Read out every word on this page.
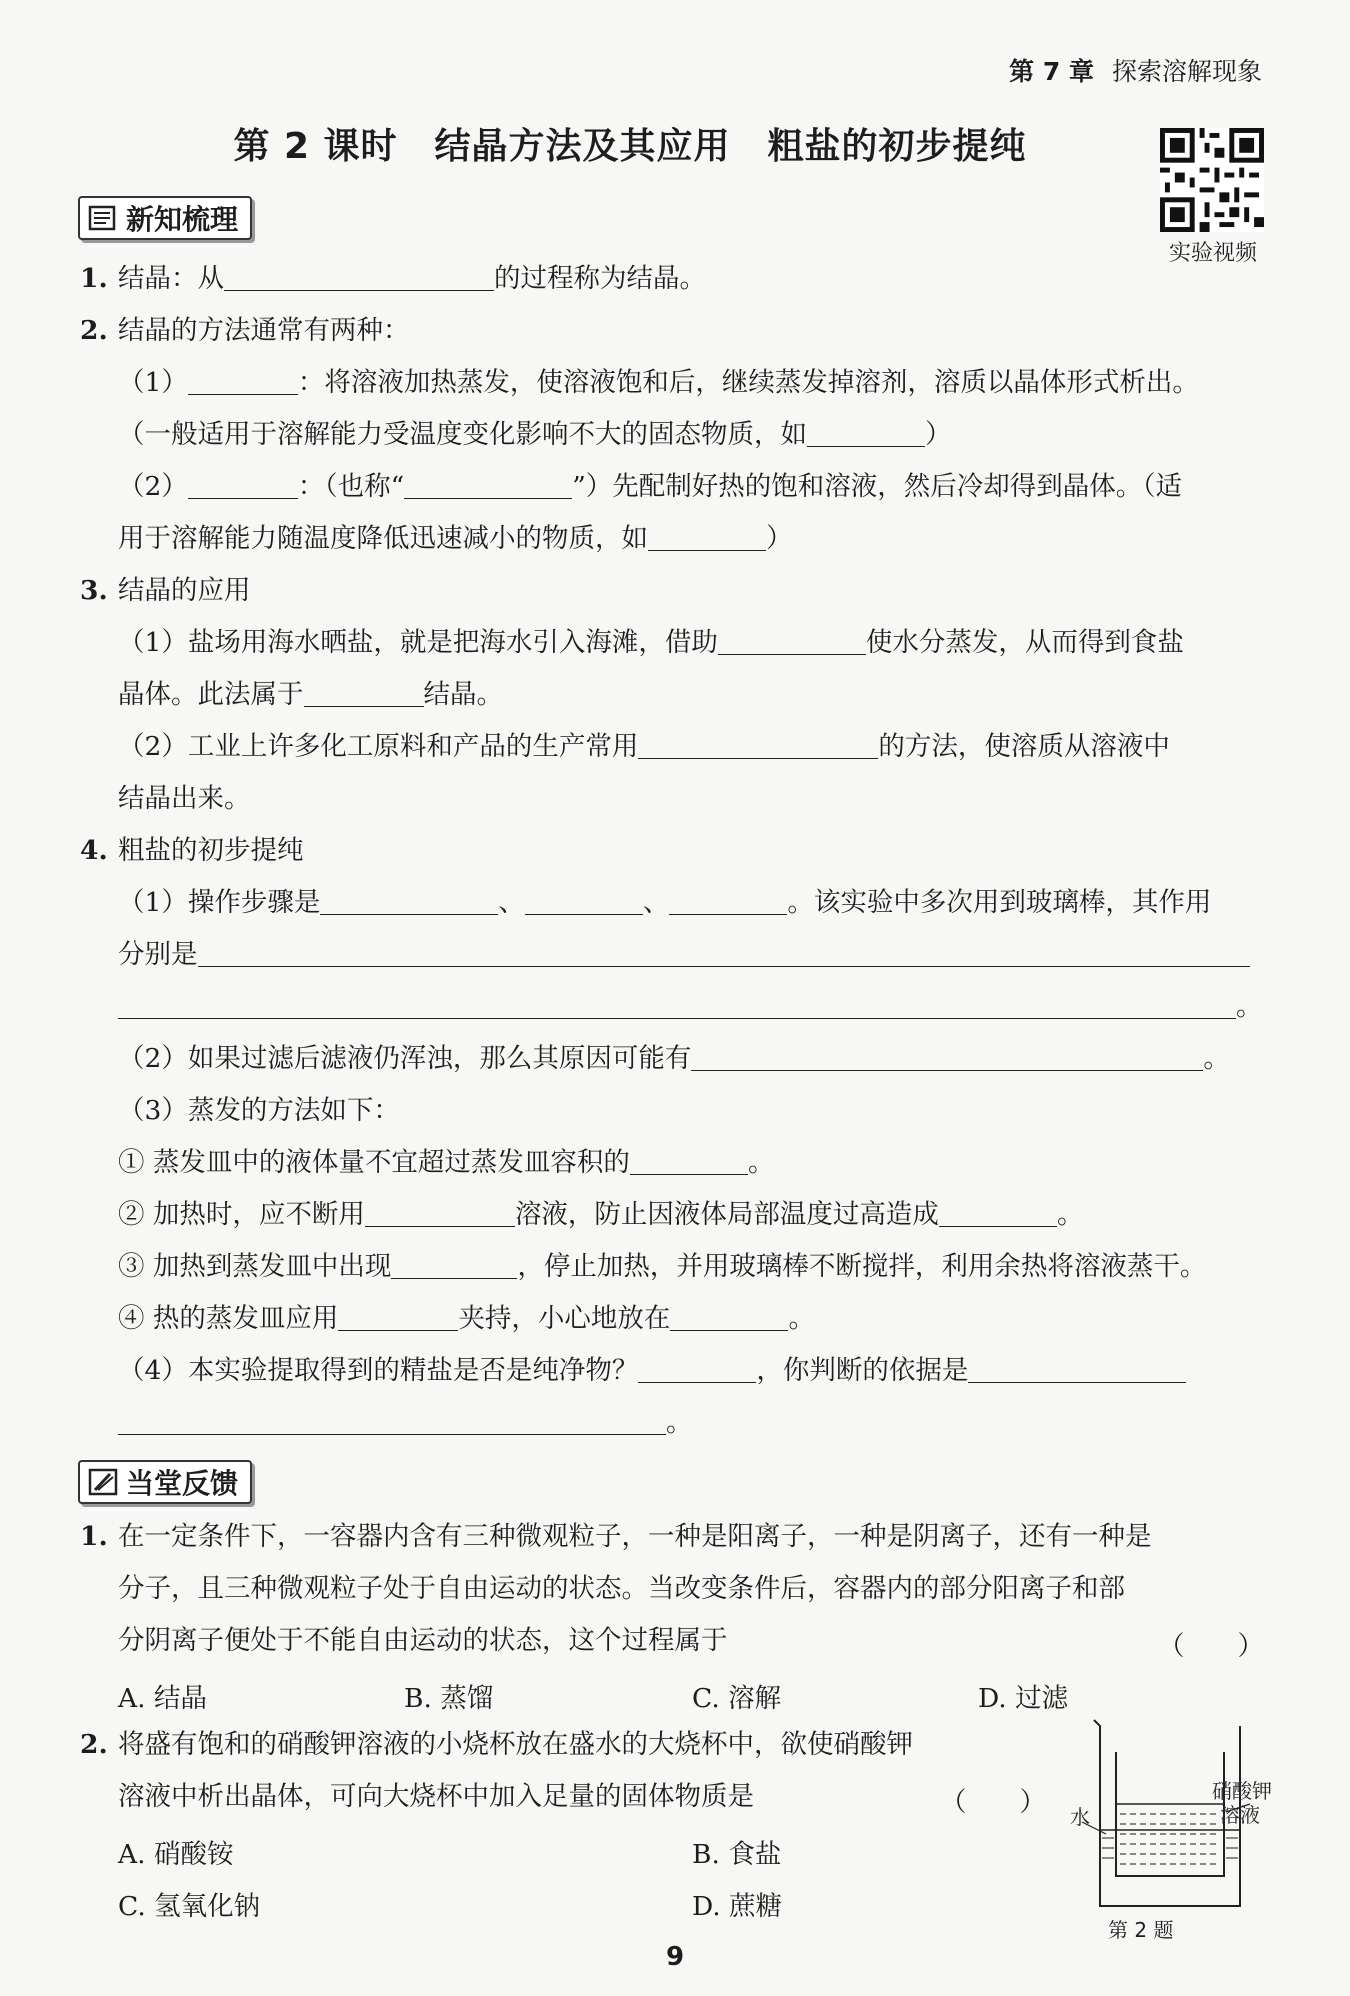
第 7 章 探索溶解现象
第 2 课时　结晶方法及其应用　粗盐的初步提纯
实验视频
新知梳理
1. 结晶：从	的过程称为结晶。
2. 结晶的方法通常有两种：
（1）	：将溶液加热蒸发，使溶液饱和后，继续蒸发掉溶剂，溶质以晶体形式析出。
（一般适用于溶解能力受温度变化影响不大的固态物质，如	）
（2）	：（也称“	”）先配制好热的饱和溶液，然后冷却得到晶体。（适
用于溶解能力随温度降低迅速减小的物质，如	）
3. 结晶的应用
（1）盐场用海水晒盐，就是把海水引入海滩，借助	使水分蒸发，从而得到食盐
晶体。此法属于	结晶。
（2）工业上许多化工原料和产品的生产常用	的方法，使溶质从溶液中
结晶出来。
4. 粗盐的初步提纯
（1）操作步骤是	、	、	。该实验中多次用到玻璃棒，其作用
分别是
。
（2）如果过滤后滤液仍浑浊，那么其原因可能有	。
（3）蒸发的方法如下：
① 蒸发皿中的液体量不宜超过蒸发皿容积的	。
② 加热时，应不断用	溶液，防止因液体局部温度过高造成	。
③ 加热到蒸发皿中出现	，停止加热，并用玻璃棒不断搅拌，利用余热将溶液蒸干。
④ 热的蒸发皿应用	夹持，小心地放在	。
（4）本实验提取得到的精盐是否是纯净物？	，你判断的依据是
。
当堂反馈
1. 在一定条件下，一容器内含有三种微观粒子，一种是阳离子，一种是阴离子，还有一种是
分子，且三种微观粒子处于自由运动的状态。当改变条件后，容器内的部分阳离子和部
分阴离子便处于不能自由运动的状态，这个过程属于	（　　）
A. 结晶	B. 蒸馏	C. 溶解	D. 过滤
2. 将盛有饱和的硝酸钾溶液的小烧杯放在盛水的大烧杯中，欲使硝酸钾
溶液中析出晶体，可向大烧杯中加入足量的固体物质是	（　　）
A. 硝酸铵	B. 食盐
C. 氢氧化钠	D. 蔗糖
水
硝酸钾
溶液
第 2 题
9
